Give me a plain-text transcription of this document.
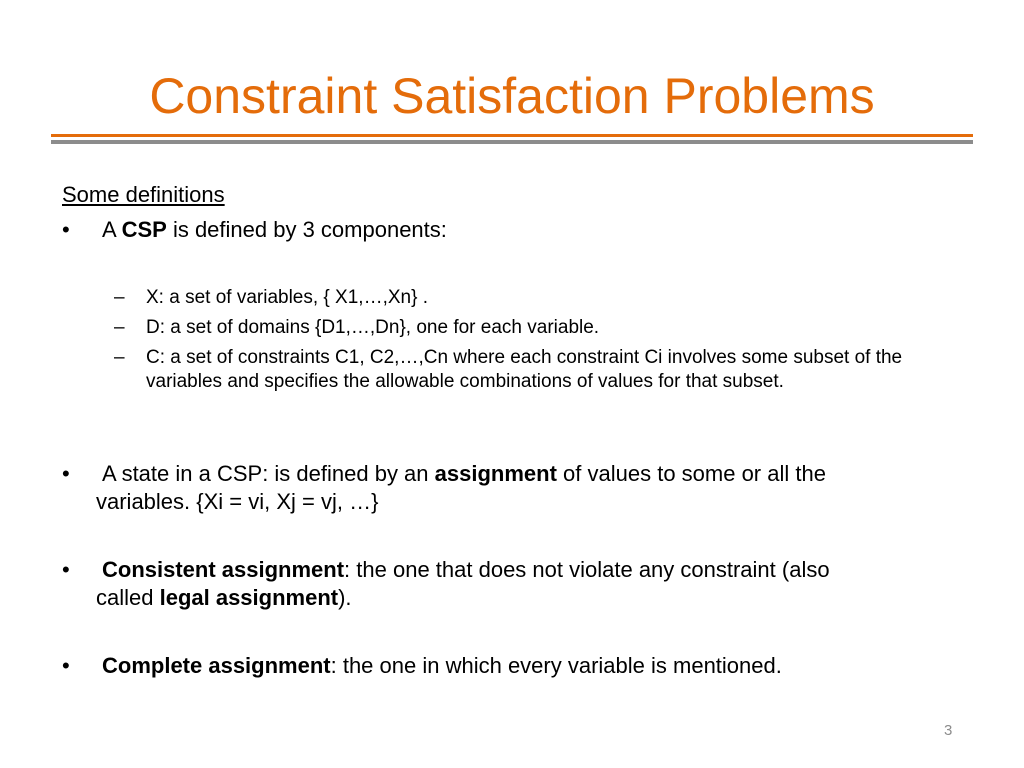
Constraint Satisfaction Problems
Some definitions
• A CSP is defined by 3 components:
– X: a set of variables, { X1,…,Xn} .
– D: a set of domains {D1,…,Dn}, one for each variable.
– C: a set of constraints C1, C2,…,Cn where each constraint Ci involves some subset of the variables and specifies the allowable combinations of values for that subset.
• A state in a CSP: is defined by an assignment of values to some or all the
variables. {Xi = vi, Xj = vj, …}
• Consistent assignment: the one that does not violate any constraint (also
called legal assignment).
• Complete assignment: the one in which every variable is mentioned.
3
